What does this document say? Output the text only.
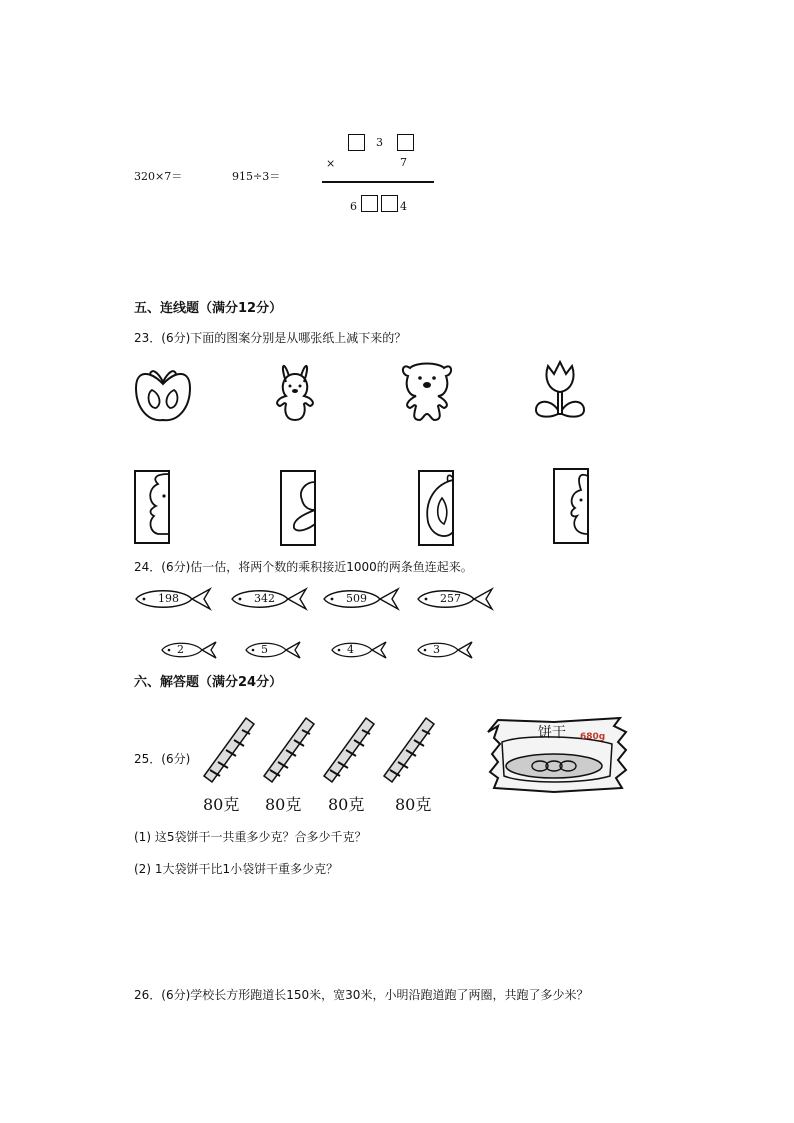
320×7＝	915÷3＝
3
×	7
6	4
五、连线题（满分12分）
23．(6分)下面的图案分别是从哪张纸上减下来的？
24．(6分)估一估，将两个数的乘积接近1000的两条鱼连起来。
198	342	509	257
2	5	4	3
六、解答题（满分24分）
25．(6分)
80克 80克 80克 80克
饼干 680g
(1) 这5袋饼干一共重多少克？合多少千克？
(2) 1大袋饼干比1小袋饼干重多少克？
26．(6分)学校长方形跑道长150米，宽30米，小明沿跑道跑了两圈，共跑了多少米？
